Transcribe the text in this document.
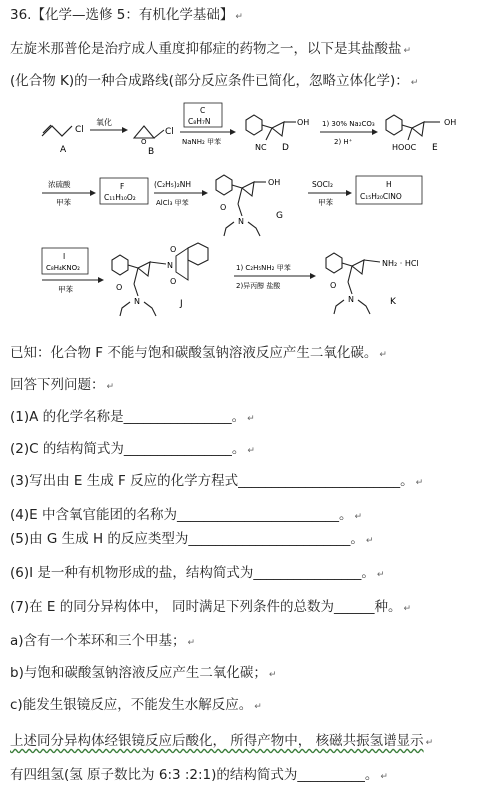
36.【化学—选修 5：有机化学基础】 ↵
左旋米那普伦是治疗成人重度抑郁症的药物之一，以下是其盐酸盐 ↵
(化合物 K)的一种合成路线(部分反应条件已简化，忽略立体化学)： ↵
Cl
A
氧化
O
Cl
B
C
C₈H₇N
NaNH₂ 甲苯
OH
NC D
1) 30% Na₂CO₃
2) H⁺
OH
HOOC E
浓硫酸
甲苯
F
C₁₁H₁₀O₂
(C₂H₅)₂NH
AlCl₃ 甲苯
OH
O
N
G
SOCl₂
甲苯
H
C₁₅H₂₀ClNO
I
C₈H₄KNO₂
甲苯
N
O
O
O
N	J
1) C₂H₅NH₂ 甲苯
2)异丙醇 盐酸
NH₂ · HCl
O
N	K
已知：化合物 F 不能与饱和碳酸氢钠溶液反应产生二氧化碳。 ↵
回答下列问题： ↵
(1)A 的化学名称是________________。 ↵
(2)C 的结构简式为________________。 ↵
(3)写出由 E 生成 F 反应的化学方程式________________________。 ↵
(4)E 中含氧官能团的名称为________________________。 ↵
(5)由 G 生成 H 的反应类型为________________________。 ↵
(6)I 是一种有机物形成的盐，结构简式为________________。 ↵
(7)在 E 的同分异构体中， 同时满足下列条件的总数为______种。 ↵
a)含有一个苯环和三个甲基； ↵
b)与饱和碳酸氢钠溶液反应产生二氧化碳； ↵
c)能发生银镜反应，不能发生水解反应。 ↵
上述同分异构体经银镜反应后酸化， 所得产物中， 核磁共振氢谱显示 ↵
有四组氢(氢 原子数比为 6:3 :2:1)的结构简式为__________。 ↵
